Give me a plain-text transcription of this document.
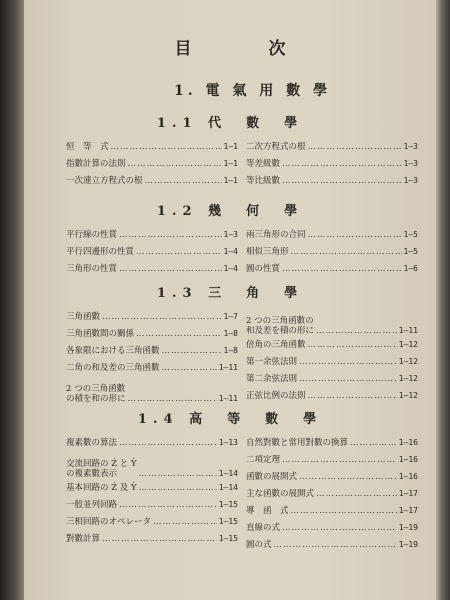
目　次
1. 電 氣 用 數 學
1.1 代　數　學
恒　等　式 ……………………………………………………………………………………	1—1
指數計算の法則 ……………………………………………………………………………………	1—1
一次連立方程式の根 ……………………………………………………………………………………	1—1
二次方程式の根 ……………………………………………………………………………………	1—3
等差級數 ……………………………………………………………………………………	1—3
等比級數 ……………………………………………………………………………………	1—3
1.2 幾　何　學
平行線の性質 ……………………………………………………………………………………	1—3
平行四邊形の性質 ……………………………………………………………………………………	1—4
三角形の性質 ……………………………………………………………………………………	1—4
兩三角形の合同 ……………………………………………………………………………………	1—5
相似三角形 ……………………………………………………………………………………	1—5
圓の性質 ……………………………………………………………………………………	1—6
1.3 三　角　學
三角函數 ……………………………………………………………………………………	1—7
三角函數間の關係 ……………………………………………………………………………………	1—8
各象限における三角函數 ……………………………………………………………………………………	1—8
二角の和及差の三角函數 ……………………………………………………………………………………	1—11
2 つの三角函數
の積を和の形に ……………………………………………………………………………………	1—11
2 つの三角函數の
和及差を積の形に ……………………………………………………………………………………	1—11
倍角の三角函數 ……………………………………………………………………………………	1—12
第一余弦法則 ……………………………………………………………………………………	1—12
第二余弦法則 ……………………………………………………………………………………	1—12
正弦比例の法則 ……………………………………………………………………………………	1—12
1.4 高　等　數　學
複素數の算法 ……………………………………………………………………………………	1—13
交流回路の Ż と Ẏ
の複素數表示 ……………………………………………………………………………………	1—14
基本回路の Ż 及 Ẏ ……………………………………………………………………………………	1—14
一般並列回路 ……………………………………………………………………………………	1—15
三相回路のオペレータ ……………………………………………………………………………………	1—15
對數計算 ……………………………………………………………………………………	1—15
自然對數と常用對數の換算 ……………………………………………………………………………………	1—16
二項定理 ……………………………………………………………………………………	1—16
函數の展開式 ……………………………………………………………………………………	1—16
主な函數の展開式 ……………………………………………………………………………………	1—17
導　函　式 ……………………………………………………………………………………	1—17
直線の式 ……………………………………………………………………………………	1—19
圓の式 ……………………………………………………………………………………	1—19
